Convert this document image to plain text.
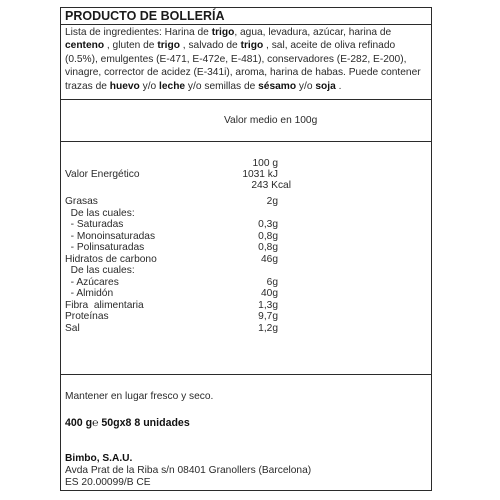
PRODUCTO DE BOLLERÍA
Lista de ingredientes: Harina de trigo, agua, levadura, azúcar, harina de centeno , gluten de trigo , salvado de trigo , sal, aceite de oliva refinado (0.5%), emulgentes (E-471, E-472e, E-481), conservadores (E-282, E-200), vinagre, corrector de acidez (E-341i), aroma, harina de habas. Puede contener trazas de huevo y/o leche y/o semillas de sésamo y/o soja .
Valor medio en 100g
100 g
Valor Energético	1031 kJ
243 Kcal
Grasas	2g
De las cuales:
- Saturadas	0,3g
- Monoinsaturadas	0,8g
- Polinsaturadas	0,8g
Hidratos de carbono	46g
De las cuales:
- Azúcares	6g
- Almidón	40g
Fibra  alimentaria	1,3g
Proteínas	9,7g
Sal	1,2g
Mantener en lugar fresco y seco.
400 g℮ 50gx8 8 unidades
Bimbo, S.A.U.
Avda Prat de la Riba s/n 08401 Granollers (Barcelona)
ES 20.00099/B CE
